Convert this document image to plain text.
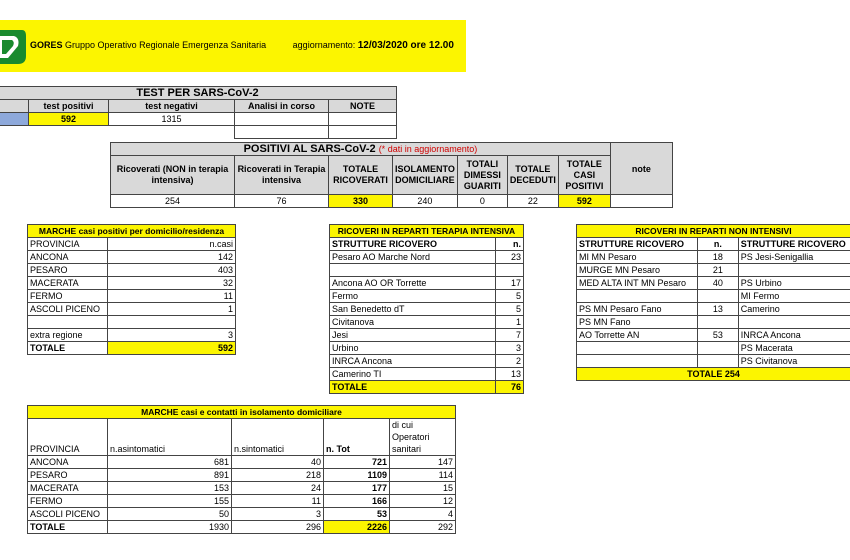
GORES Gruppo Operativo Regionale Emergenza Sanitaria	aggiornamento: 12/03/2020 ore 12.00
TEST PER SARS-CoV-2				
	test positivi	test negativi	Analisi in corso	NOTE
	592	1315		

POSITIVI AL SARS-CoV-2 (* dati in aggiornamento)							note
Ricoverati (NON in terapia intensiva)	Ricoverati in Terapia intensiva	TOTALE RICOVERATI	ISOLAMENTO DOMICILIARE	TOTALI DIMESSI GUARITI	TOTALE DECEDUTI	TOTALE CASI POSITIVI	
254	76	330	240	0	22	592	
MARCHE casi positivi per domicilio/residenza	
PROVINCIA	n.casi
ANCONA	142
PESARO	403
MACERATA	32
FERMO	11
ASCOLI PICENO	1

extra regione	3
TOTALE	592
RICOVERI IN REPARTI TERAPIA INTENSIVA	
STRUTTURE RICOVERO	n.
Pesaro AO Marche Nord	23

Ancona AO OR Torrette	17
Fermo	5
San Benedetto dT	5
Civitanova	1
Jesi	7
Urbino	3
INRCA Ancona	2
Camerino TI	13
TOTALE	76
RICOVERI IN REPARTI NON INTENSIVI		
STRUTTURE RICOVERO	n.	STRUTTURE RICOVERO
MI MN Pesaro	18	PS Jesi-Senigallia
MURGE MN Pesaro	21	
MED ALTA INT MN Pesaro	40	PS Urbino
		MI Fermo
PS MN Pesaro Fano	13	Camerino
PS MN Fano		
AO Torrette AN	53	INRCA Ancona
		PS Macerata
		PS Civitanova
TOTALE 254		
MARCHE casi e contatti in isolamento domiciliare				
PROVINCIA	n.asintomatici	n.sintomatici	n. Tot	di cui Operatori sanitari
ANCONA	681	40	721	147
PESARO	891	218	1109	114
MACERATA	153	24	177	15
FERMO	155	11	166	12
ASCOLI PICENO	50	3	53	4
TOTALE	1930	296	2226	292
